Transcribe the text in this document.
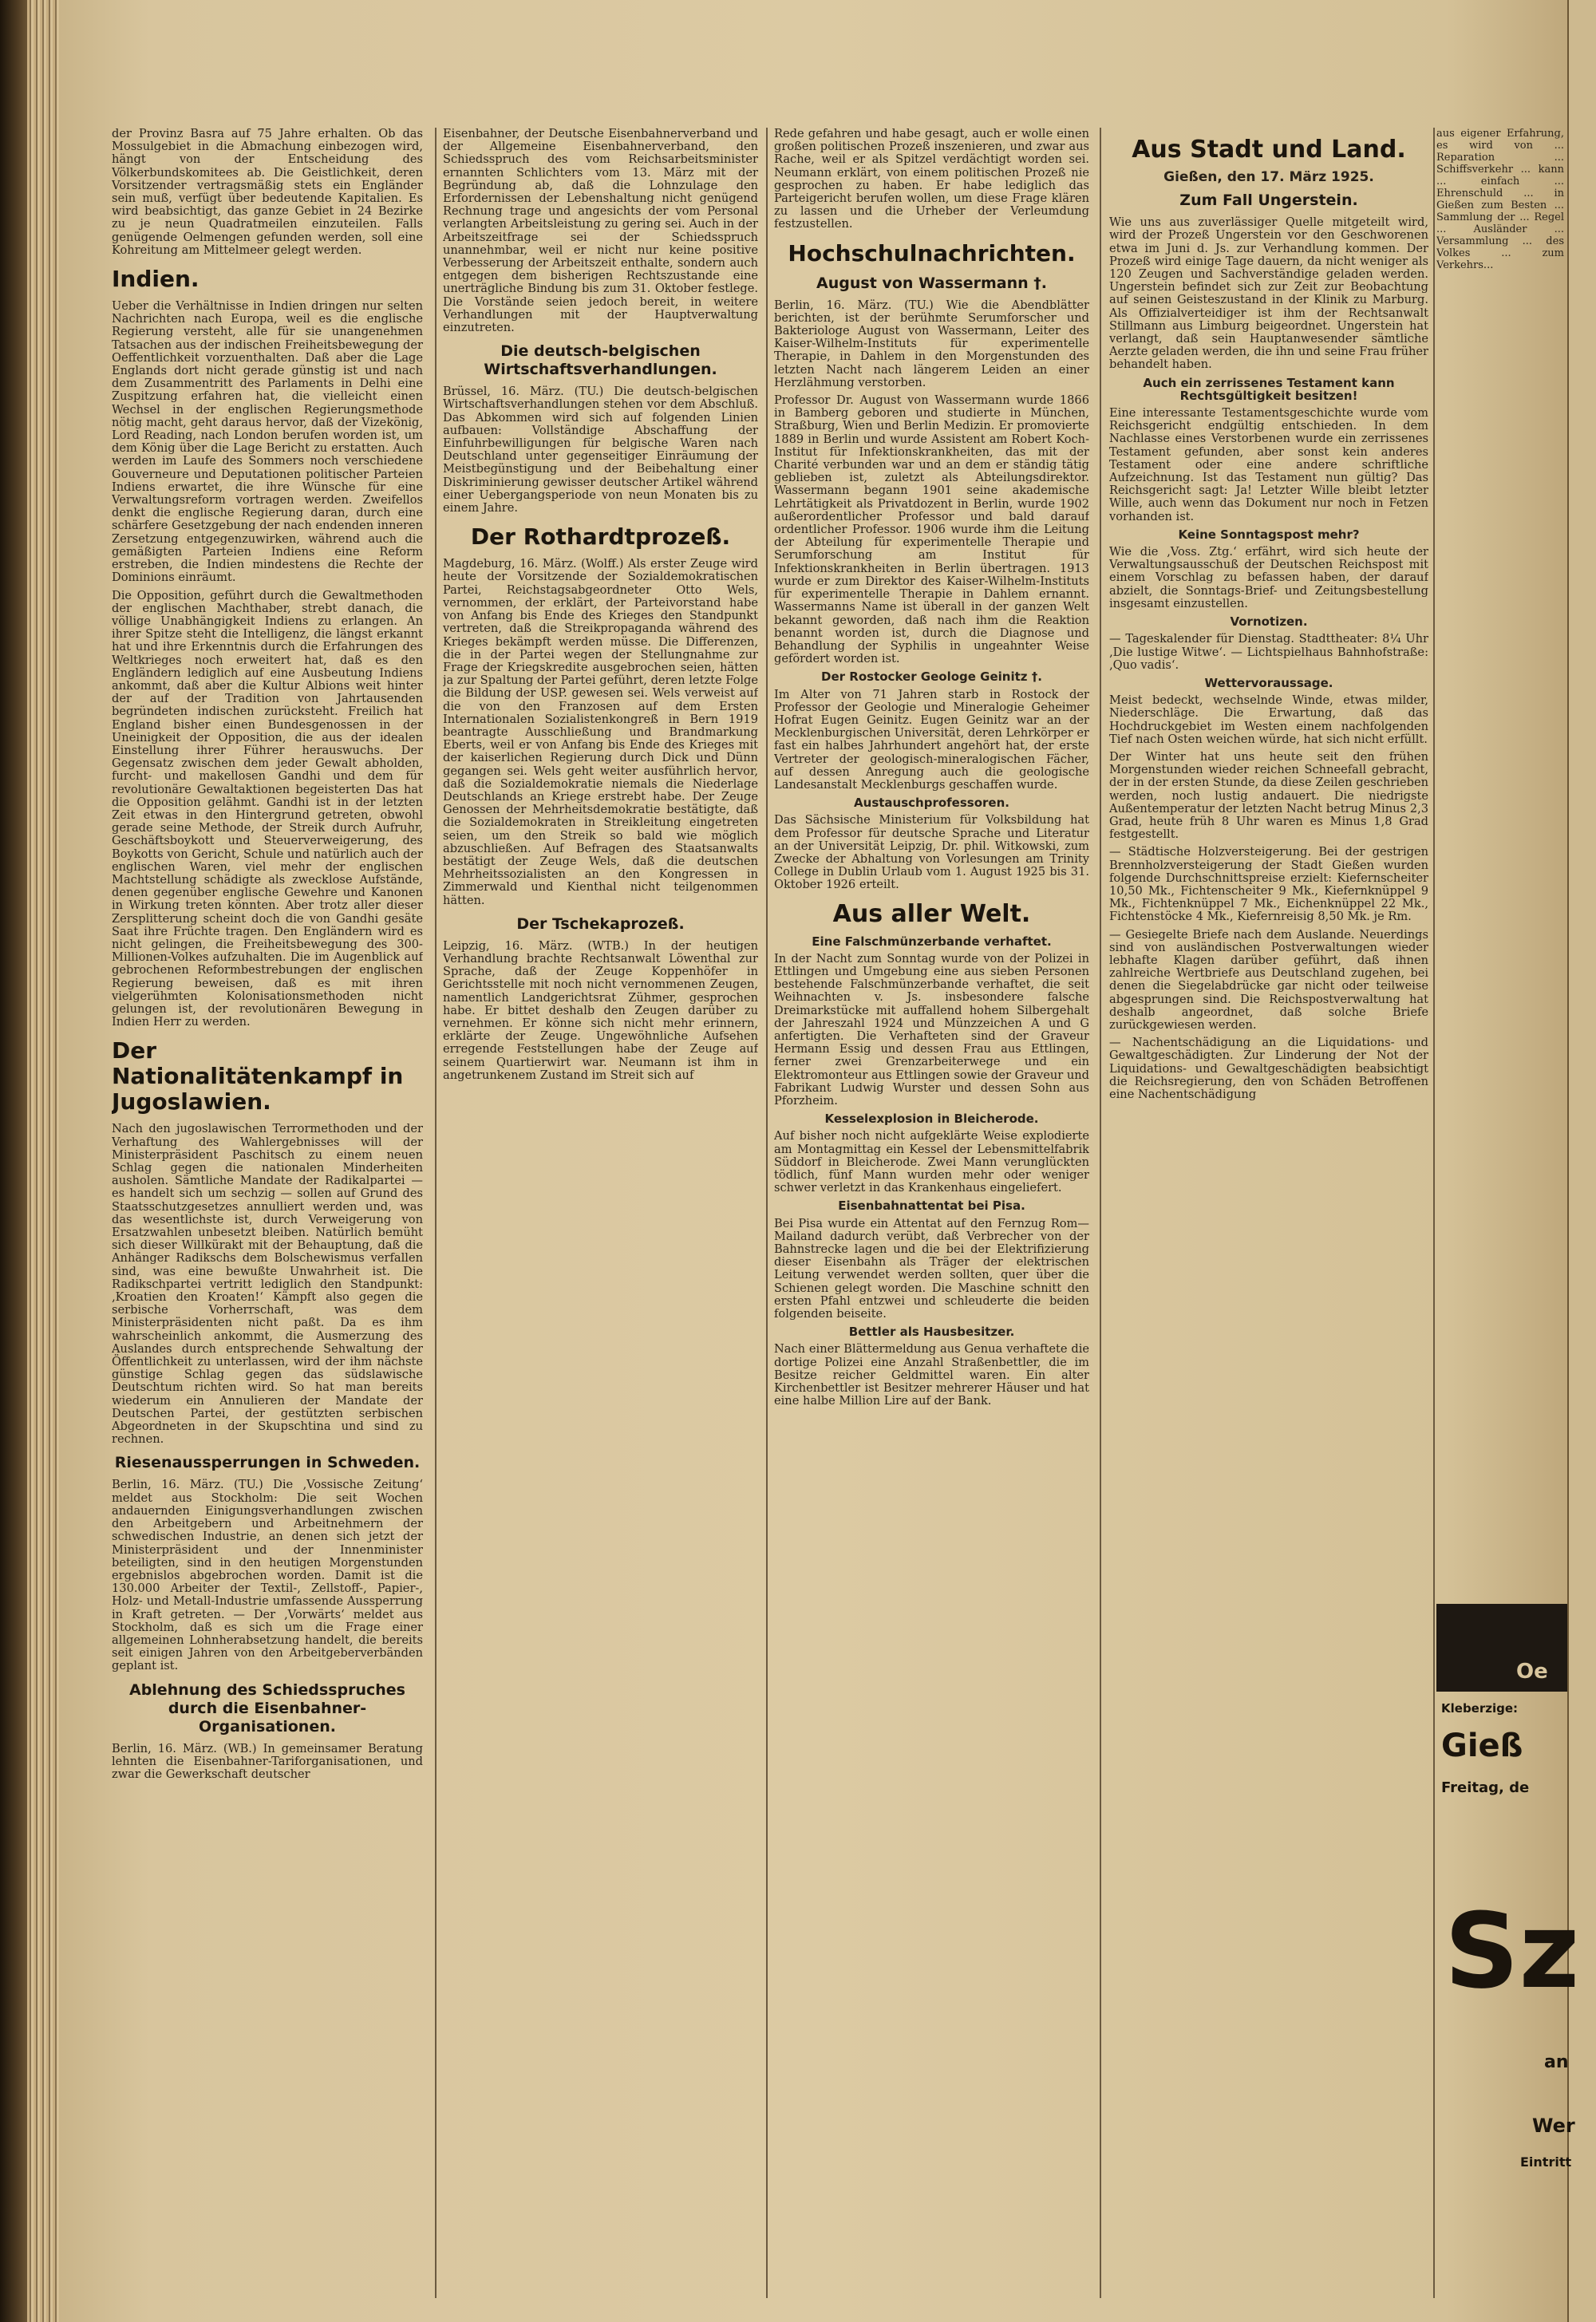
der Provinz Basra auf 75 Jahre erhalten. Ob das Mossulgebiet in die Abmachung einbezogen wird, hängt von der Entscheidung des Völkerbundskomitees ab. Die Geistlichkeit, deren Vorsitzender vertragsmäßig stets ein Engländer sein muß, verfügt über bedeutende Kapitalien. Es wird beabsichtigt, das ganze Gebiet in 24 Bezirke zu je neun Quadratmeilen einzuteilen. Falls genügende Oelmengen gefunden werden, soll eine Kohreitung am Mittelmeer gelegt werden.

Indien.

Ueber die Verhältnisse in Indien dringen nur selten Nachrichten nach Europa, weil es die englische Regierung versteht, alle für sie unangenehmen Tatsachen aus der indischen Freiheitsbewegung der Oeffentlichkeit vorzuenthalten. Daß aber die Lage Englands dort nicht gerade günstig ist und nach dem Zusammentritt des Parlaments in Delhi eine Zuspitzung erfahren hat, die vielleicht einen Wechsel in der englischen Regierungsmethode nötig macht, geht daraus hervor, daß der Vizekönig, Lord Reading, nach London berufen worden ist, um dem König über die Lage Bericht zu erstatten. Auch werden im Laufe des Sommers noch verschiedene Gouverneure und Deputationen politischer Parteien Indiens erwartet, die ihre Wünsche für eine Verwaltungsreform vortragen werden. Zweifellos denkt die englische Regierung daran, durch eine schärfere Gesetzgebung der nach endenden inneren Zersetzung entgegenzuwirken, während auch die gemäßigten Parteien Indiens eine Reform erstreben, die Indien mindestens die Rechte der Dominions einräumt.

Die Opposition, geführt durch die Gewaltmethoden der englischen Machthaber, strebt danach, die völlige Unabhängigkeit Indiens zu erlangen. An ihrer Spitze steht die Intelligenz, die längst erkannt hat und ihre Erkenntnis durch die Erfahrungen des Weltkrieges noch erweitert hat, daß es den Engländern lediglich auf eine Ausbeutung Indiens ankommt, daß aber die Kultur Albions weit hinter der auf der Tradition von Jahrtausenden begründeten indischen zurücksteht. Freilich hat England bisher einen Bundesgenossen in der Uneinigkeit der Opposition, die aus der idealen Einstellung ihrer Führer herauswuchs. Der Gegensatz zwischen dem jeder Gewalt abholden, furcht- und makellosen Gandhi und dem für revolutionäre Gewaltaktionen begeisterten Das hat die Opposition gelähmt. Gandhi ist in der letzten Zeit etwas in den Hintergrund getreten, obwohl gerade seine Methode, der Streik durch Aufruhr, Geschäftsboykott und Steuerverweigerung, des Boykotts von Gericht, Schule und natürlich auch der englischen Waren, viel mehr der englischen Machtstellung schädigte als zwecklose Aufstände, denen gegenüber englische Gewehre und Kanonen in Wirkung treten könnten. Aber trotz aller dieser Zersplitterung scheint doch die von Gandhi gesäte Saat ihre Früchte tragen. Den Engländern wird es nicht gelingen, die Freiheitsbewegung des 300-Millionen-Volkes aufzuhalten. Die im Augenblick auf gebrochenen Reformbestrebungen der englischen Regierung beweisen, daß es mit ihren vielgerühmten Kolonisationsmethoden nicht gelungen ist, der revolutionären Bewegung in Indien Herr zu werden.

Der Nationalitätenkampf in Jugoslawien.

Nach den jugoslawischen Terrormethoden und der Verhaftung des Wahlergebnisses will der Ministerpräsident Paschitsch zu einem neuen Schlag gegen die nationalen Minderheiten ausholen. Sämtliche Mandate der Radikalpartei — es handelt sich um sechzig — sollen auf Grund des Staatsschutzgesetzes annulliert werden und, was das wesentlichste ist, durch Verweigerung von Ersatzwahlen unbesetzt bleiben. Natürlich bemüht sich dieser Willkürakt mit der Behauptung, daß die Anhänger Radikschs dem Bolschewismus verfallen sind, was eine bewußte Unwahrheit ist. Die Radikschpartei vertritt lediglich den Standpunkt: ‚Kroatien den Kroaten!‘ Kämpft also gegen die serbische Vorherrschaft, was dem Ministerpräsidenten nicht paßt. Da es ihm wahrscheinlich ankommt, die Ausmerzung des Auslandes durch entsprechende Sehwaltung der Öffentlichkeit zu unterlassen, wird der ihm nächste günstige Schlag gegen das südslawische Deutschtum richten wird. So hat man bereits wiederum ein Annulieren der Mandate der Deutschen Partei, der gestützten serbischen Abgeordneten in der Skupschtina und sind zu rechnen.

Riesenaussperrungen in Schweden.

Berlin, 16. März. (TU.) Die ‚Vossische Zeitung‘ meldet aus Stockholm: Die seit Wochen andauernden Einigungsverhandlungen zwischen den Arbeitgebern und Arbeitnehmern der schwedischen Industrie, an denen sich jetzt der Ministerpräsident und der Innenminister beteiligten, sind in den heutigen Morgenstunden ergebnislos abgebrochen worden. Damit ist die 130.000 Arbeiter der Textil-, Zellstoff-, Papier-, Holz- und Metall-Industrie umfassende Aussperrung in Kraft getreten. — Der ‚Vorwärts‘ meldet aus Stockholm, daß es sich um die Frage einer allgemeinen Lohnherabsetzung handelt, die bereits seit einigen Jahren von den Arbeitgeberverbänden geplant ist.

Ablehnung des Schiedsspruches durch die Eisenbahner-Organisationen.

Berlin, 16. März. (WB.) In gemeinsamer Beratung lehnten die Eisenbahner-Tariforganisationen, und zwar die Gewerkschaft deutscher

Eisenbahner, der Deutsche Eisenbahnerverband und der Allgemeine Eisenbahnerverband, den Schiedsspruch des vom Reichsarbeitsminister ernannten Schlichters vom 13. März mit der Begründung ab, daß die Lohnzulage den Erfordernissen der Lebenshaltung nicht genügend Rechnung trage und angesichts der vom Personal verlangten Arbeitsleistung zu gering sei. Auch in der Arbeitszeitfrage sei der Schiedsspruch unannehmbar, weil er nicht nur keine positive Verbesserung der Arbeitszeit enthalte, sondern auch entgegen dem bisherigen Rechtszustande eine unerträgliche Bindung bis zum 31. Oktober festlege. Die Vorstände seien jedoch bereit, in weitere Verhandlungen mit der Hauptverwaltung einzutreten.

Die deutsch-belgischen Wirtschaftsverhandlungen.

Brüssel, 16. März. (TU.) Die deutsch-belgischen Wirtschaftsverhandlungen stehen vor dem Abschluß. Das Abkommen wird sich auf folgenden Linien aufbauen: Vollständige Abschaffung der Einfuhrbewilligungen für belgische Waren nach Deutschland unter gegenseitiger Einräumung der Meistbegünstigung und der Beibehaltung einer Diskriminierung gewisser deutscher Artikel während einer Uebergangsperiode von neun Monaten bis zu einem Jahre.

Der Rothardtprozeß.

Magdeburg, 16. März. (Wolff.) Als erster Zeuge wird heute der Vorsitzende der Sozialdemokratischen Partei, Reichstagsabgeordneter Otto Wels, vernommen, der erklärt, der Parteivorstand habe von Anfang bis Ende des Krieges den Standpunkt vertreten, daß die Streikpropaganda während des Krieges bekämpft werden müsse. Die Differenzen, die in der Partei wegen der Stellungnahme zur Frage der Kriegskredite ausgebrochen seien, hätten ja zur Spaltung der Partei geführt, deren letzte Folge die Bildung der USP. gewesen sei. Wels verweist auf die von den Franzosen auf dem Ersten Internationalen Sozialistenkongreß in Bern 1919 beantragte Ausschließung und Brandmarkung Eberts, weil er von Anfang bis Ende des Krieges mit der kaiserlichen Regierung durch Dick und Dünn gegangen sei. Wels geht weiter ausführlich hervor, daß die Sozialdemokratie niemals die Niederlage Deutschlands an Kriege erstrebt habe. Der Zeuge Genossen der Mehrheitsdemokratie bestätigte, daß die Sozialdemokraten in Streikleitung eingetreten seien, um den Streik so bald wie möglich abzuschließen. Auf Befragen des Staatsanwalts bestätigt der Zeuge Wels, daß die deutschen Mehrheitssozialisten an den Kongressen in Zimmerwald und Kienthal nicht teilgenommen hätten.

Der Tschekaprozeß.

Leipzig, 16. März. (WTB.) In der heutigen Verhandlung brachte Rechtsanwalt Löwenthal zur Sprache, daß der Zeuge Koppenhöfer in Gerichtsstelle mit noch nicht vernommenen Zeugen, namentlich Landgerichtsrat Zühmer, gesprochen habe. Er bittet deshalb den Zeugen darüber zu vernehmen. Er könne sich nicht mehr erinnern, erklärte der Zeuge. Ungewöhnliche Aufsehen erregende Feststellungen habe der Zeuge auf seinem Quartierwirt war. Neumann ist ihm in angetrunkenem Zustand im Streit sich auf

Rede gefahren und habe gesagt, auch er wolle einen großen politischen Prozeß inszenieren, und zwar aus Rache, weil er als Spitzel verdächtigt worden sei. Neumann erklärt, von einem politischen Prozeß nie gesprochen zu haben. Er habe lediglich das Parteigericht berufen wollen, um diese Frage klären zu lassen und die Urheber der Verleumdung festzustellen.

Hochschulnachrichten.
August von Wassermann †.

Berlin, 16. März. (TU.) Wie die Abendblätter berichten, ist der berühmte Serumforscher und Bakteriologe August von Wassermann, Leiter des Kaiser-Wilhelm-Instituts für experimentelle Therapie, in Dahlem in den Morgenstunden des letzten Nacht nach längerem Leiden an einer Herzlähmung verstorben.

Professor Dr. August von Wassermann wurde 1866 in Bamberg geboren und studierte in München, Straßburg, Wien und Berlin Medizin. Er promovierte 1889 in Berlin und wurde Assistent am Robert Koch-Institut für Infektionskrankheiten, das mit der Charité verbunden war und an dem er ständig tätig geblieben ist, zuletzt als Abteilungsdirektor. Wassermann begann 1901 seine akademische Lehrtätigkeit als Privatdozent in Berlin, wurde 1902 außerordentlicher Professor und bald darauf ordentlicher Professor. 1906 wurde ihm die Leitung der Abteilung für experimentelle Therapie und Serumforschung am Institut für Infektionskrankheiten in Berlin übertragen. 1913 wurde er zum Direktor des Kaiser-Wilhelm-Instituts für experimentelle Therapie in Dahlem ernannt. Wassermanns Name ist überall in der ganzen Welt bekannt geworden, daß nach ihm die Reaktion benannt worden ist, durch die Diagnose und Behandlung der Syphilis in ungeahnter Weise gefördert worden ist.

Der Rostocker Geologe Geinitz †.

Im Alter von 71 Jahren starb in Rostock der Professor der Geologie und Mineralogie Geheimer Hofrat Eugen Geinitz. Eugen Geinitz war an der Mecklenburgischen Universität, deren Lehrkörper er fast ein halbes Jahrhundert angehört hat, der erste Vertreter der geologisch-mineralogischen Fächer, auf dessen Anregung auch die geologische Landesanstalt Mecklenburgs geschaffen wurde.

Austauschprofessoren.

Das Sächsische Ministerium für Volksbildung hat dem Professor für deutsche Sprache und Literatur an der Universität Leipzig, Dr. phil. Witkowski, zum Zwecke der Abhaltung von Vorlesungen am Trinity College in Dublin Urlaub vom 1. August 1925 bis 31. Oktober 1926 erteilt.

Aus aller Welt.
Eine Falschmünzerbande verhaftet.

In der Nacht zum Sonntag wurde von der Polizei in Ettlingen und Umgebung eine aus sieben Personen bestehende Falschmünzerbande verhaftet, die seit Weihnachten v. Js. insbesondere falsche Dreimarkstücke mit auffallend hohem Silbergehalt der Jahreszahl 1924 und Münzzeichen A und G anfertigten. Die Verhafteten sind der Graveur Hermann Essig und dessen Frau aus Ettlingen, ferner zwei Grenzarbeiterwege und ein Elektromonteur aus Ettlingen sowie der Graveur und Fabrikant Ludwig Wurster und dessen Sohn aus Pforzheim.

Kesselexplosion in Bleicherode.

Auf bisher noch nicht aufgeklärte Weise explodierte am Montagmittag ein Kessel der Lebensmittelfabrik Süddorf in Bleicherode. Zwei Mann verunglückten tödlich, fünf Mann wurden mehr oder weniger schwer verletzt in das Krankenhaus eingeliefert.

Eisenbahnattentat bei Pisa.

Bei Pisa wurde ein Attentat auf den Fernzug Rom—Mailand dadurch verübt, daß Verbrecher von der Bahnstrecke lagen und die bei der Elektrifizierung dieser Eisenbahn als Träger der elektrischen Leitung verwendet werden sollten, quer über die Schienen gelegt worden. Die Maschine schnitt den ersten Pfahl entzwei und schleuderte die beiden folgenden beiseite.

Bettler als Hausbesitzer.

Nach einer Blättermeldung aus Genua verhaftete die dortige Polizei eine Anzahl Straßenbettler, die im Besitze reicher Geldmittel waren. Ein alter Kirchenbettler ist Besitzer mehrerer Häuser und hat eine halbe Million Lire auf der Bank.

Aus Stadt und Land.
Gießen, den 17. März 1925.
Zum Fall Ungerstein.

Wie uns aus zuverlässiger Quelle mitgeteilt wird, wird der Prozeß Ungerstein vor den Geschworenen etwa im Juni d. Js. zur Verhandlung kommen. Der Prozeß wird einige Tage dauern, da nicht weniger als 120 Zeugen und Sachverständige geladen werden. Ungerstein befindet sich zur Zeit zur Beobachtung auf seinen Geisteszustand in der Klinik zu Marburg. Als Offizialverteidiger ist ihm der Rechtsanwalt Stillmann aus Limburg beigeordnet. Ungerstein hat verlangt, daß sein Hauptanwesender sämtliche Aerzte geladen werden, die ihn und seine Frau früher behandelt haben.

Auch ein zerrissenes Testament kann Rechtsgültigkeit besitzen!

Eine interessante Testamentsgeschichte wurde vom Reichsgericht endgültig entschieden. In dem Nachlasse eines Verstorbenen wurde ein zerrissenes Testament gefunden, aber sonst kein anderes Testament oder eine andere schriftliche Aufzeichnung. Ist das Testament nun gültig? Das Reichsgericht sagt: Ja! Letzter Wille bleibt letzter Wille, auch wenn das Dokument nur noch in Fetzen vorhanden ist.

Keine Sonntagspost mehr?

Wie die ‚Voss. Ztg.‘ erfährt, wird sich heute der Verwaltungsausschuß der Deutschen Reichspost mit einem Vorschlag zu befassen haben, der darauf abzielt, die Sonntags-Brief- und Zeitungsbestellung insgesamt einzustellen.

Vornotizen.

— Tageskalender für Dienstag. Stadttheater: 8¼ Uhr ‚Die lustige Witwe‘. — Lichtspielhaus Bahnhofstraße: ‚Quo vadis‘.

Wettervoraussage.

Meist bedeckt, wechselnde Winde, etwas milder, Niederschläge. Die Erwartung, daß das Hochdruckgebiet im Westen einem nachfolgenden Tief nach Osten weichen würde, hat sich nicht erfüllt.

Der Winter hat uns heute seit den frühen Morgenstunden wieder reichen Schneefall gebracht, der in der ersten Stunde, da diese Zeilen geschrieben werden, noch lustig andauert. Die niedrigste Außentemperatur der letzten Nacht betrug Minus 2,3 Grad, heute früh 8 Uhr waren es Minus 1,8 Grad festgestellt.

— Städtische Holzversteigerung. Bei der gestrigen Brennholzversteigerung der Stadt Gießen wurden folgende Durchschnittspreise erzielt: Kiefernscheiter 10,50 Mk., Fichtenscheiter 9 Mk., Kiefernknüppel 9 Mk., Fichtenknüppel 7 Mk., Eichenknüppel 22 Mk., Fichtenstöcke 4 Mk., Kiefernreisig 8,50 Mk. je Rm.

— Gesiegelte Briefe nach dem Auslande. Neuerdings sind von ausländischen Postverwaltungen wieder lebhafte Klagen darüber geführt, daß ihnen zahlreiche Wertbriefe aus Deutschland zugehen, bei denen die Siegelabdrücke gar nicht oder teilweise abgesprungen sind. Die Reichspostverwaltung hat deshalb angeordnet, daß solche Briefe zurückgewiesen werden.

— Nachentschädigung an die Liquidations- und Gewaltgeschädigten. Zur Linderung der Not der Liquidations- und Gewaltgeschädigten beabsichtigt die Reichsregierung, den von Schäden Betroffenen eine Nachentschädigung

aus eigener Erfahrung, es wird von ... Reparation ... Schiffsverkehr ... kann ... einfach ... Ehrenschuld ... in Gießen zum Besten ... Sammlung der ... Regel ... Ausländer ... Versammlung ... des Volkes ... zum Verkehrs...

Oe
Kleberzige:
Gieß
Freitag, de
Sz
an
Wer
Eintritt
